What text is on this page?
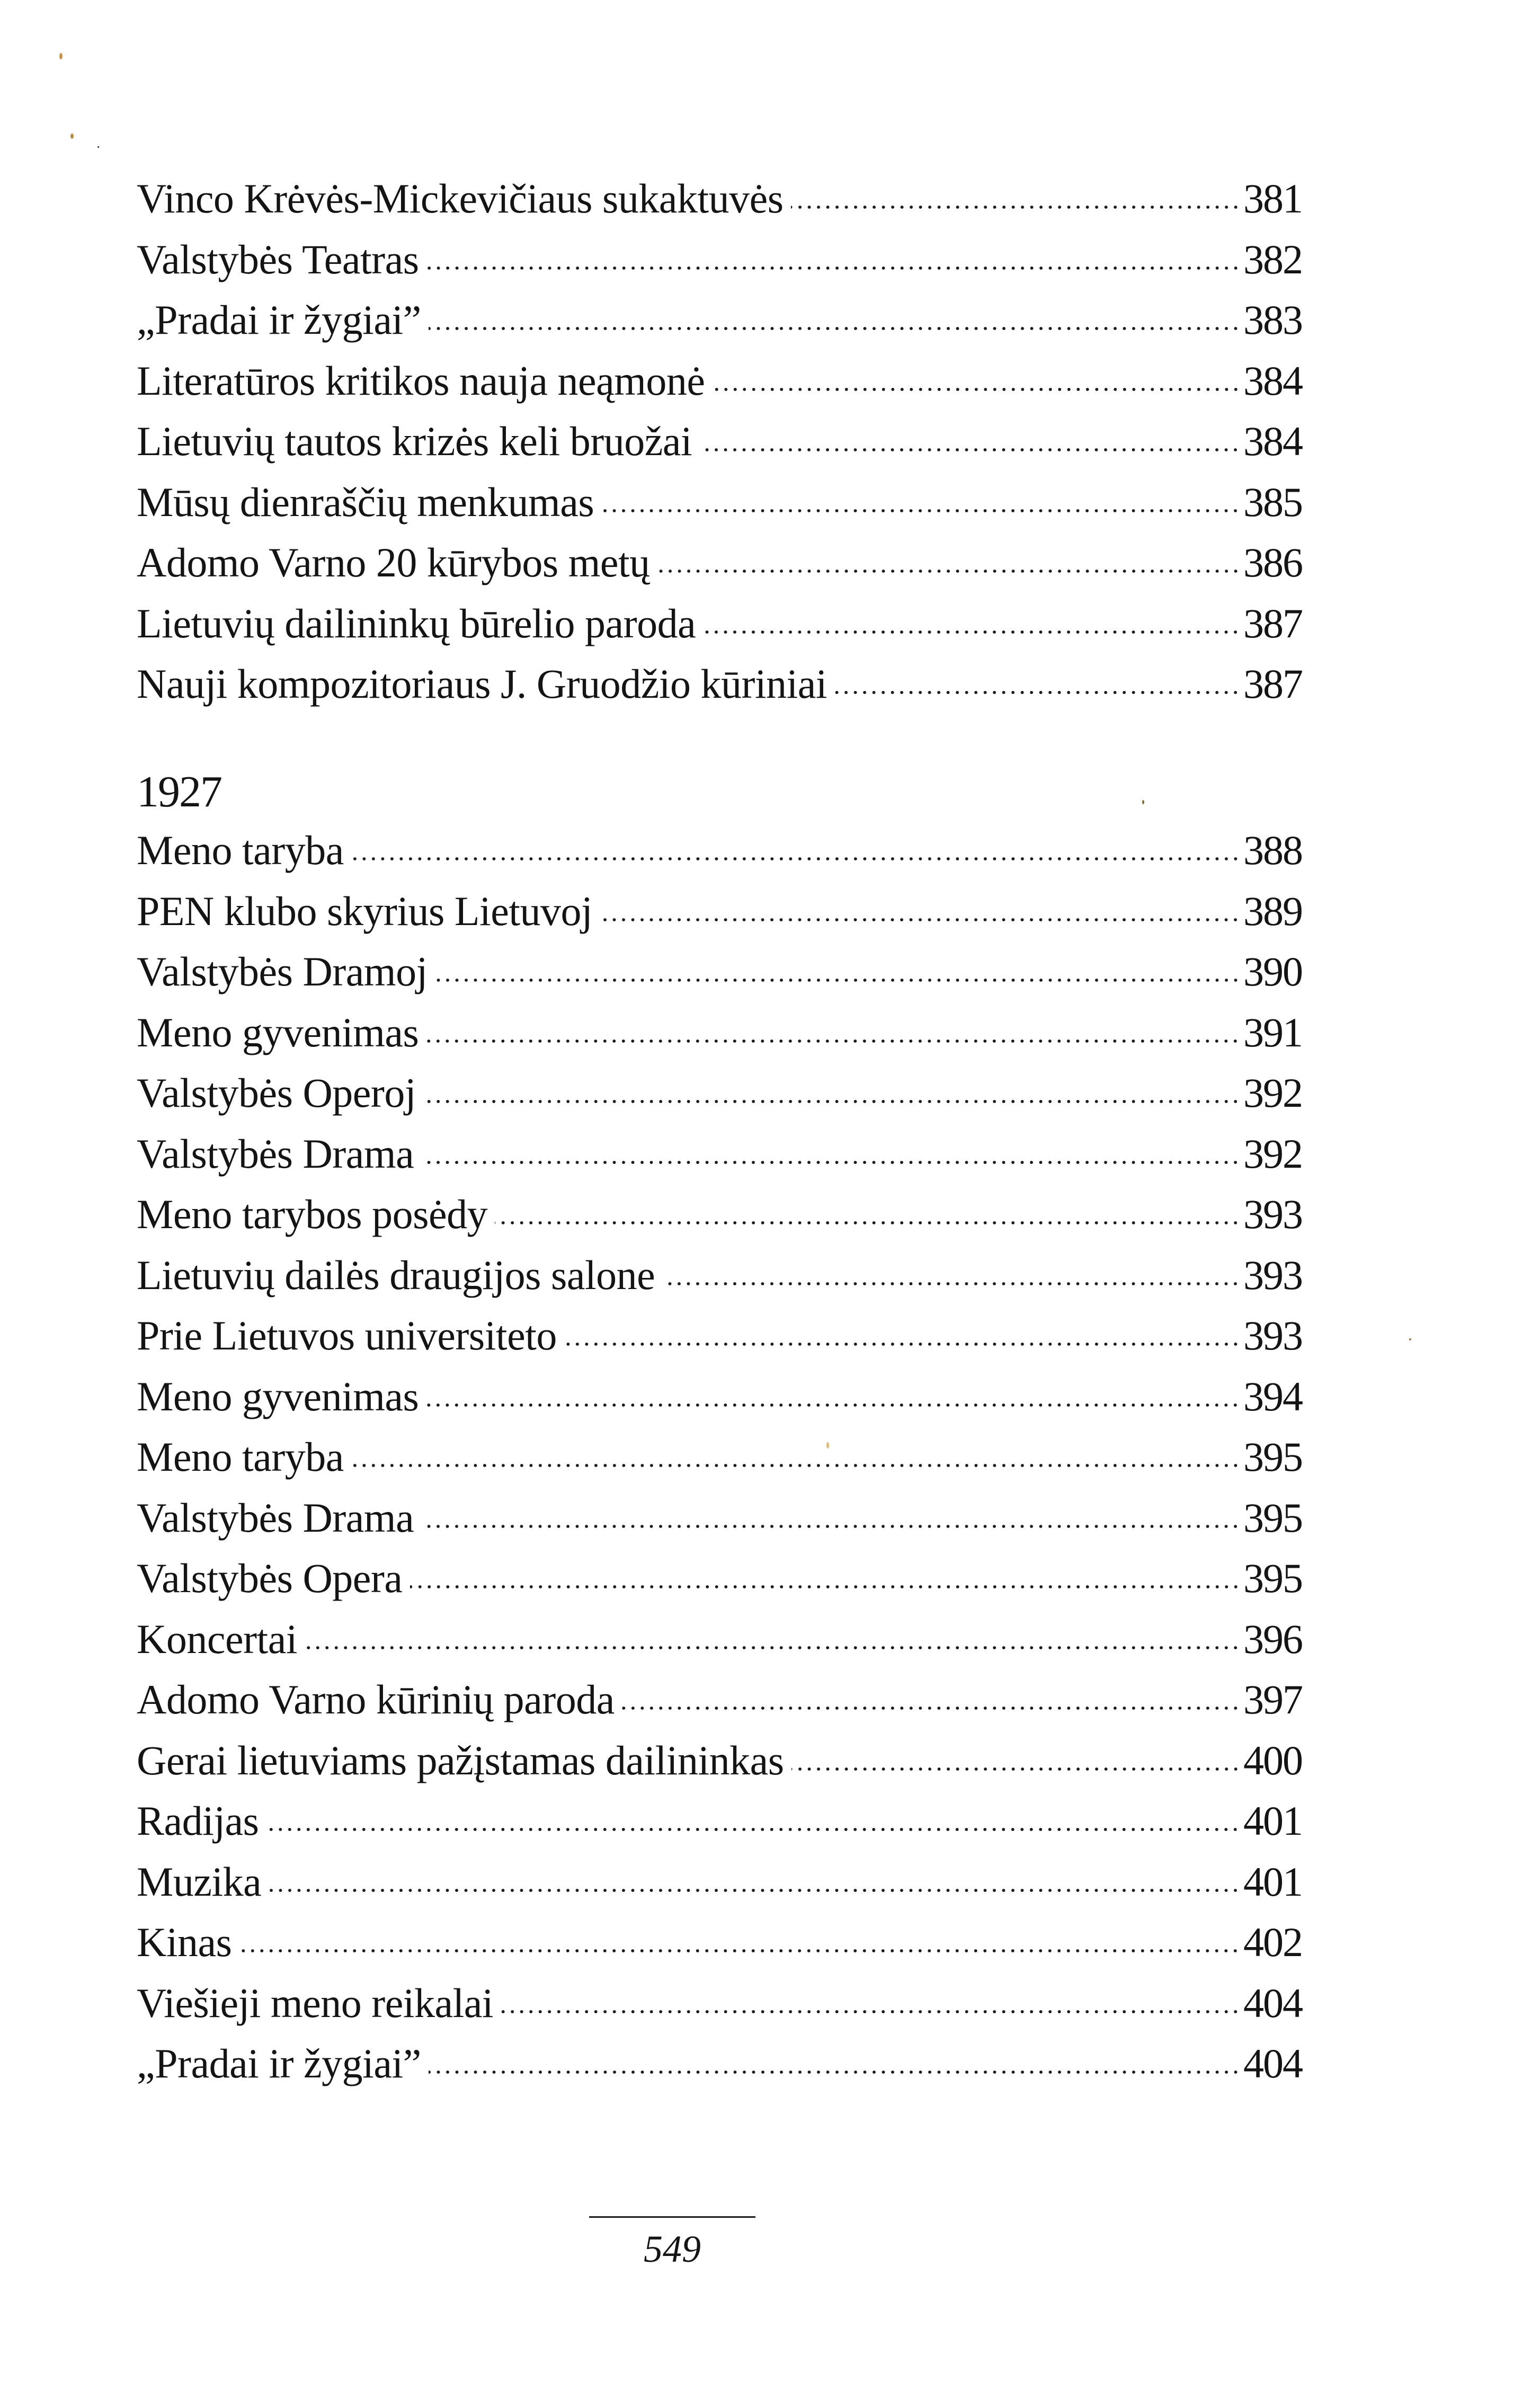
Vinco Krėvės-Mickevičiaus sukaktuvės	381
Valstybės Teatras	382
„Pradai ir žygiai”	383
Literatūros kritikos nauja neąmonė	384
Lietuvių tautos krizės keli bruožai	384
Mūsų dienraščių menkumas	385
Adomo Varno 20 kūrybos metų	386
Lietuvių dailininkų būrelio paroda	387
Nauji kompozitoriaus J. Gruodžio kūriniai	387
1927
Meno taryba	388
PEN klubo skyrius Lietuvoj	389
Valstybės Dramoj	390
Meno gyvenimas	391
Valstybės Operoj	392
Valstybės Drama	392
Meno tarybos posėdy	393
Lietuvių dailės draugijos salone	393
Prie Lietuvos universiteto	393
Meno gyvenimas	394
Meno taryba	395
Valstybės Drama	395
Valstybės Opera	395
Koncertai	396
Adomo Varno kūrinių paroda	397
Gerai lietuviams pažįstamas dailininkas	400
Radijas	401
Muzika	401
Kinas	402
Viešieji meno reikalai	404
„Pradai ir žygiai”	404
549
